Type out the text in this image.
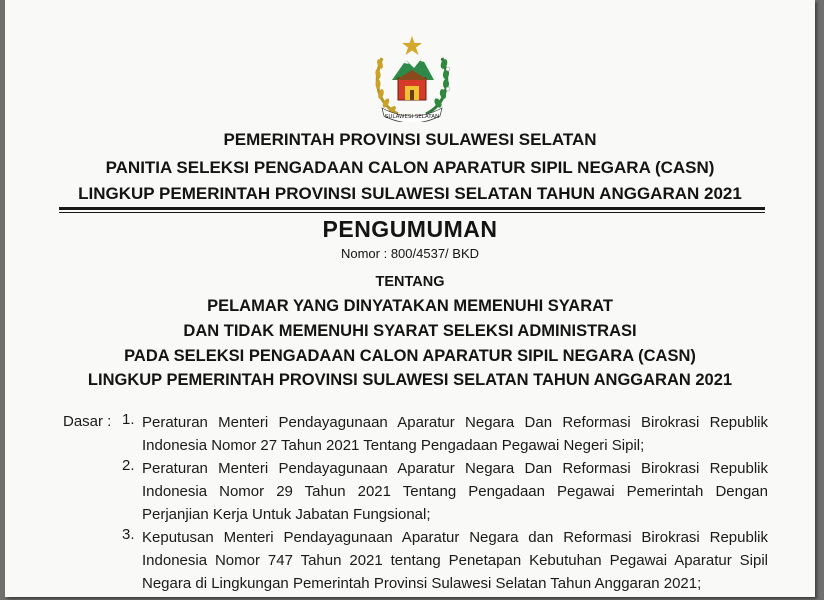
SULAWESI SELATAN
PEMERINTAH PROVINSI SULAWESI SELATAN
PANITIA SELEKSI PENGADAAN CALON APARATUR SIPIL NEGARA (CASN)
LINGKUP PEMERINTAH PROVINSI SULAWESI SELATAN TAHUN ANGGARAN 2021
PENGUMUMAN
Nomor : 800/4537/ BKD
TENTANG
PELAMAR YANG DINYATAKAN MEMENUHI SYARAT
DAN TIDAK MEMENUHI SYARAT SELEKSI ADMINISTRASI
PADA SELEKSI PENGADAAN CALON APARATUR SIPIL NEGARA (CASN)
LINGKUP PEMERINTAH PROVINSI SULAWESI SELATAN TAHUN ANGGARAN 2021
Dasar : 1. Peraturan Menteri Pendayagunaan Aparatur Negara Dan Reformasi Birokrasi Republik
Indonesia Nomor 27 Tahun 2021 Tentang Pengadaan Pegawai Negeri Sipil;
2. Peraturan Menteri Pendayagunaan Aparatur Negara Dan Reformasi Birokrasi Republik
Indonesia Nomor 29 Tahun 2021 Tentang Pengadaan Pegawai Pemerintah Dengan
Perjanjian Kerja Untuk Jabatan Fungsional;
3. Keputusan Menteri Pendayagunaan Aparatur Negara dan Reformasi Birokrasi Republik
Indonesia Nomor 747 Tahun 2021 tentang Penetapan Kebutuhan Pegawai Aparatur Sipil
Negara di Lingkungan Pemerintah Provinsi Sulawesi Selatan Tahun Anggaran 2021;
